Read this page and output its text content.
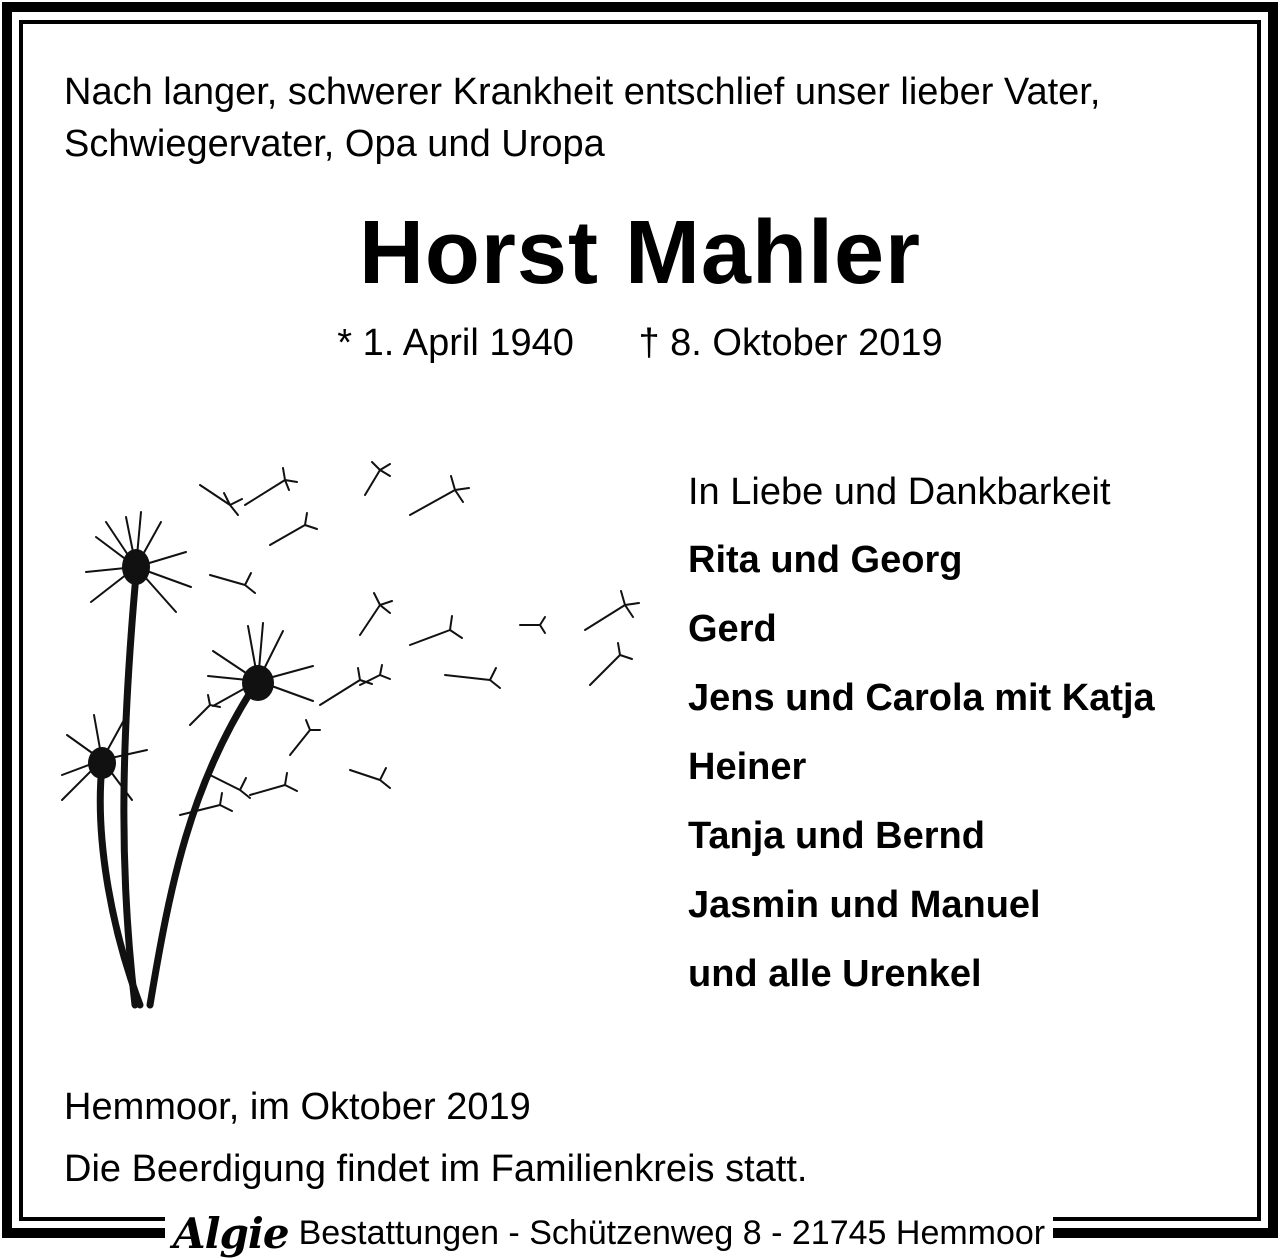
Nach langer, schwerer Krankheit entschlief unser lieber Vater,
Schwiegervater, Opa und Uropa

Horst Mahler
* 1. April 1940 † 8. Oktober 2019

In Liebe und Dankbarkeit

Rita und Georg
Gerd
Jens und Carola mit Katja
Heiner
Tanja und Bernd
Jasmin und Manuel
und alle Urenkel
Hemmoor, im Oktober 2019
Die Beerdigung findet im Familienkreis statt.
Algie Bestattungen - Schützenweg 8 - 21745 Hemmoor
